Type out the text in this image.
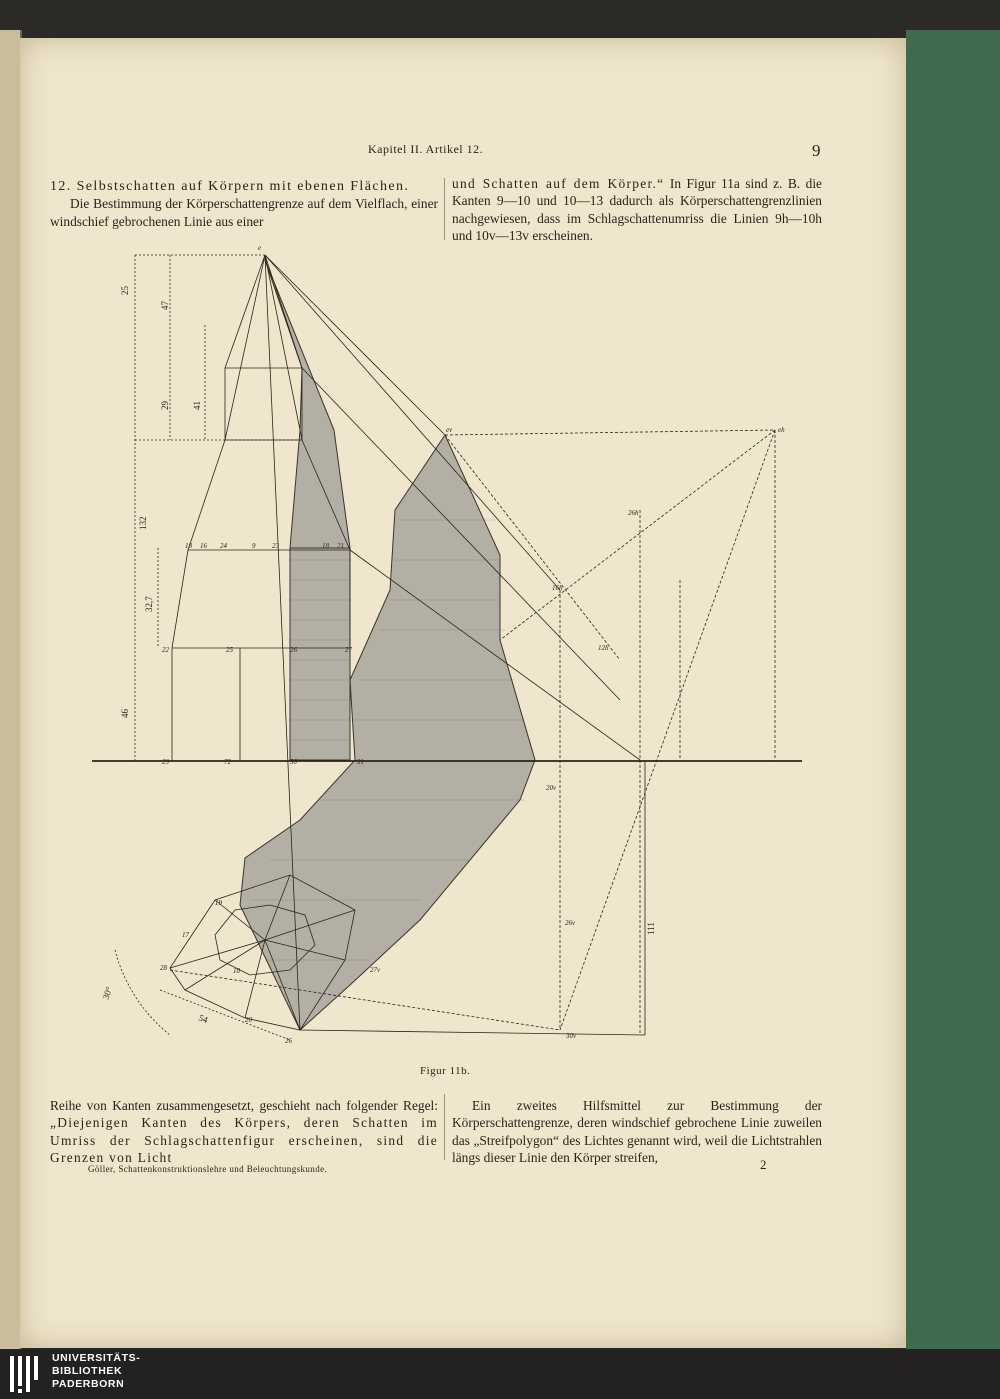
Kapitel II. Artikel 12.	9
12. Selbstschatten auf Körpern mit ebenen Flächen.
Die Bestimmung der Körperschattengrenze auf dem Vielflach, einer windschief gebrochenen Linie aus einer
und Schatten auf dem Körper.“ In Figur 11a sind z. B. die Kanten 9—10 und 10—13 dadurch als Körperschattengrenzlinien nachgewiesen, dass im Schlagschattenumriss die Linien 9h—10h und 10v—13v erscheinen.
25
47
29 41
132
32,7
46
111
54
30°
e
ev	eh
18 16 24	9 23	18 21
22	25	26	27
29	72	30	31
16h
12h
26h
20v
26v
27v
30v
26
28
20
17
19
10
Figur 11b.
Reihe von Kanten zusammengesetzt, geschieht nach folgender Regel: „Diejenigen Kanten des Körpers, deren Schatten im Umriss der Schlagschattenfigur erscheinen, sind die Grenzen von Licht
Ein zweites Hilfsmittel zur Bestimmung der Körperschattengrenze, deren windschief gebrochene Linie zuweilen das „Streifpolygon“ des Lichtes genannt wird, weil die Lichtstrahlen längs dieser Linie den Körper streifen,
Göller, Schattenkonstruktionslehre und Beleuchtungskunde.	2
UNIVERSITÄTS-
BIBLIOTHEK
PADERBORN
